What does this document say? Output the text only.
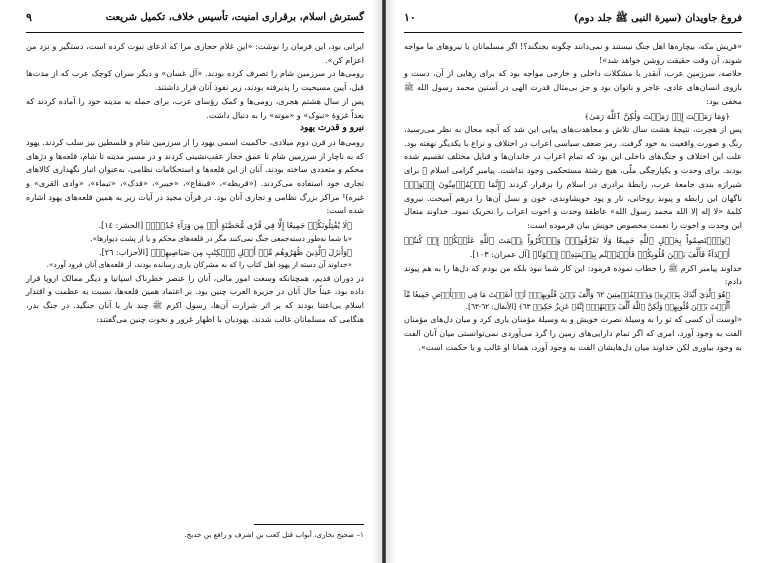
گسترش اسلام، برقراری امنیت، تأسیس خلاف، تکمیل شریعت
۹

ایرانی بود، این فرمان را نوشت: «این غلام حجازی مرا که ادعای نبوت کرده است، دستگیر و نزد من اعزام کن».

رومی‌ها در سرزمین شام را تصرف کرده بودند. «آل غسان» و دیگر سران کوچک عرب که از مدت‌ها قبل، آیین مسیحیت را پذیرفته بودند، زیر نفوذ آنان قرار داشتند.

پس از سال هشتم هجری، رومی‌ها و کمک رؤسای عرب، برای حمله به مدینه خود را آماده کردند که بعداً غزوهٔ «تبوک» و «موته» را به دنبال داشت.

نیرو و قدرت یهود

رومی‌ها در قرن دوم میلادی، حاکمیت اسمی یهود را از سرزمین شام و فلسطین نیز سلب کردند. یهود که به ناچار از سرزمین شام تا عمق حجاز عقب‌نشینی کردند و در مسیر مدینه تا شام، قلعه‌ها و دژهای محکم و متعددی ساخته بودند. آنان از این قلعه‌ها و استحکامات نظامی، به‌عنوان انبار نگهداری کالاهای تجاری خود استفاده می‌کردند. («قریظه»، «قینقاع»، «خیبر»، «فدک»، «تیماء»، «وادی القری» و غیره)¹ مراکز بزرگ نظامی و تجاری آنان بود. در قرآن مجید در آیات زیر به همین قلعه‌های یهود اشاره شده است:

﴿لَا يُقَٰتِلُونَكُمۡ جَمِيعًا إِلَّا فِي قُرٗى مُّحَصَّنَةٍ أَوۡ مِن وَرَآءِ جُدُرِۢ﴾ [الحشر: ١٤].

«با شما به‌طور دسته‌جمعی جنگ نمی‌کنند مگر در قلعه‌های محکم و یا از پشت دیوارها».

﴿وَأَنزَلَ ٱلَّذِينَ ظَٰهَرُوهُم مِّنۡ أَهۡلِ ٱلۡكِتَٰبِ مِن صَيَاصِيهِمۡ﴾ [الأحزاب: ٢٦].

«خداوند آن دسته از یهود اهل کتاب را که به مشرکان یاری رسانده بودند، از قلعه‌های آنان فرود آورد».

در دوران قدیم، همچنانکه وسعت امور مالی، آنان را عنصر خطرناک اسپانیا و دیگر ممالک اروپا قرار داده بود، عیناً حال آنان در جزیرة العرب چنین بود. بر اعتماد همین قلعه‌ها، نسبت به عظمت و اقتدار اسلام بی‌اعتنا بودند که بر اثر شرارت آن‌ها، رسول اکرم ﷺ چند بار با آنان جنگید. در جنگ بدر، هنگامی که مسلمانان غالب شدند، یهودیان با اظهار غرور و نخوت چنین می‌گفتند:

١– صحیح بخاری، أبواب قتل کعب بن اشرف و رافع بن خدیج.
فروغ جاویدان (سیرة النبی ﷺ جلد دوم)
۱۰

«قریش مکه، بیچاره‌ها اهل جنگ نیستند و نمی‌دانند چگونه بجنگند؟! اگر مسلمانان با نیروهای ما مواجه شوند، آن وقت حقیقت روشن خواهد شد»!

خلاصه، سرزمین عرب، آنقدر با مشکلات داخلی و خارجی مواجه بود که برای رهایی از آن، دست و بازوی انسان‌های عادی، عاجز و ناتوان بود و جز بی‌مثال قدرت الهی در آستین محمد رسول الله ﷺ مخفی بود:

﴿وَمَا رَمَيۡتَ إِذۡ رَمَيۡتَ وَلَٰكِنَّ ٱللَّهَ رَمَىٰ﴾

پس از هجرت، نتیجهٔ هشت سال تلاش و مجاهدت‌های پیاپی این شد که آنچه محال به نظر می‌رسید، رنگ و صورت واقعیت به خود گرفت. رمز ضعف سیاسی اعراب در اختلاف و نزاع با یکدیگر نهفته بود. علت این اختلاف و جنگ‌های داخلی این بود که تمام اعراب در خاندان‌ها و قبایل مختلف تقسیم شده بودند. برای وحدت و یکپارچگی ملّی، هیچ رشتهٔ مستحکمی وجود نداشت. پیامبر گرامی اسلام ﷺ برای شیرازه بندی جامعهٔ عرب، رابطهٔ برادری در اسلام را برقرار کردند ﴿إِنَّمَا ٱلۡمُؤۡمِنُونَ إِخۡوَةٞ﴾ ناگهان این رابطه و پیوند روحانی، تار و پود خویشاوندی، خون و نسل آن‌ها را درهم آمیخت. نیروی کلمهٔ «لا إله إلا الله محمد رسول الله» عاطفهٔ وحدت و اخوت اعراب را تحریک نمود. خداوند متعال این وحدت و اخوت را نعمت مخصوص خویش بیان فرموده است:

﴿وَٱعۡتَصِمُواْ بِحَبۡلِ ٱللَّهِ جَمِيعٗا وَلَا تَفَرَّقُواْۚ وَٱذۡكُرُواْ نِعۡمَتَ ٱللَّهِ عَلَيۡكُمۡ إِذۡ كُنتُمۡ أَعۡدَآءٗ فَأَلَّفَ بَيۡنَ قُلُوبِكُمۡ فَأَصۡبَحۡتُم بِنِعۡمَتِهِۦٓ إِخۡوَٰنٗا﴾ [آل عمران: ١٠٣].

خداوند پیامبر اکرم ﷺ را خطاب نموده فرمود: این کار شما نبود بلکه من بودم که دل‌ها را به هم پیوند دادم:

﴿هُوَ ٱلَّذِيٓ أَيَّدَكَ بِنَصۡرِهِۦ وَبِٱلۡمُؤۡمِنِينَ ٦٢ وَأَلَّفَ بَيۡنَ قُلُوبِهِمۡۚ لَوۡ أَنفَقۡتَ مَا فِي ٱلۡأَرۡضِ جَمِيعٗا مَّآ أَلَّفۡتَ بَيۡنَ قُلُوبِهِمۡ وَلَٰكِنَّ ٱللَّهَ أَلَّفَ بَيۡنَهُمۡۚ إِنَّهُۥ عَزِيزٌ حَكِيمٞ ٦٣﴾ [الأنفال: ٦٢-٦٣].

«اوست آن کسی که تو را به وسیلهٔ نصرت خویش و به وسیلهٔ مؤمنان یاری کرد و میان دل‌های مؤمنان الفت به وجود آورد، امری که اگر تمام دارایی‌های زمین را گرد می‌آوردی نمی‌توانستی میان آنان الفت به وجود بیاوری لکن خداوند میان دل‌هایشان الفت به وجود آورد، همانا او غالب و با حکمت است».
